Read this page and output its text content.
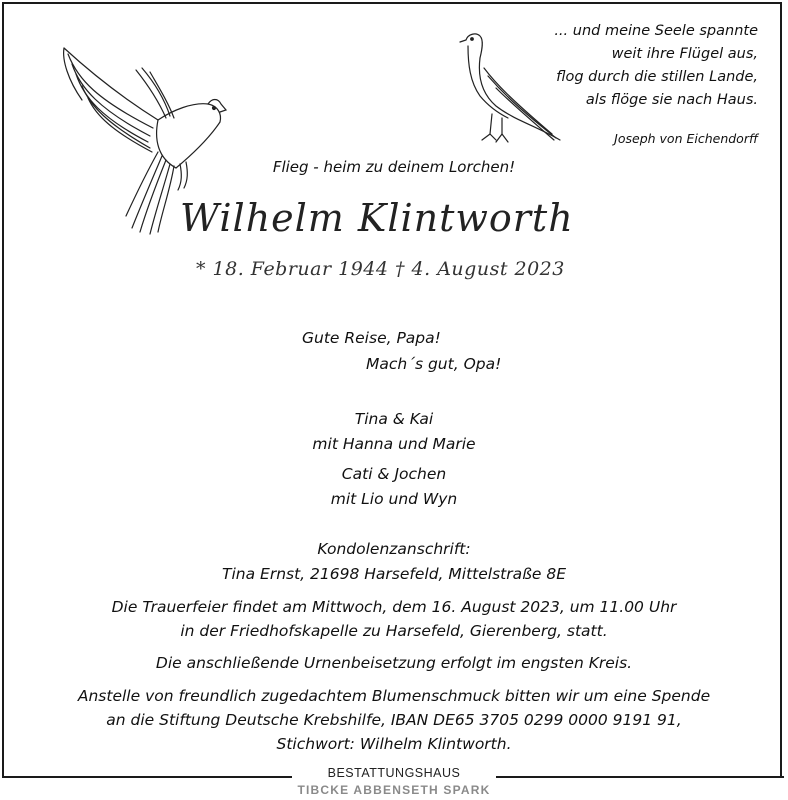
... und meine Seele spannte
weit ihre Flügel aus,
flog durch die stillen Lande,
als flöge sie nach Haus.
Joseph von Eichendorff
Flieg - heim zu deinem Lorchen!
Wilhelm Klintworth
* 18. Februar 1944 † 4. August 2023
Gute Reise, Papa!
Mach´s gut, Opa!
Tina & Kai
mit Hanna und Marie
Cati & Jochen
mit Lio und Wyn
Kondolenzanschrift:
Tina Ernst, 21698 Harsefeld, Mittelstraße 8E
Die Trauerfeier findet am Mittwoch, dem 16. August 2023, um 11.00 Uhr
in der Friedhofskapelle zu Harsefeld, Gierenberg, statt.
Die anschließende Urnenbeisetzung erfolgt im engsten Kreis.
Anstelle von freundlich zugedachtem Blumenschmuck bitten wir um eine Spende
an die Stiftung Deutsche Krebshilfe, IBAN DE65 3705 0299 0000 9191 91,
Stichwort: Wilhelm Klintworth.
BESTATTUNGSHAUS
TIBCKE ABBENSETH SPARK
